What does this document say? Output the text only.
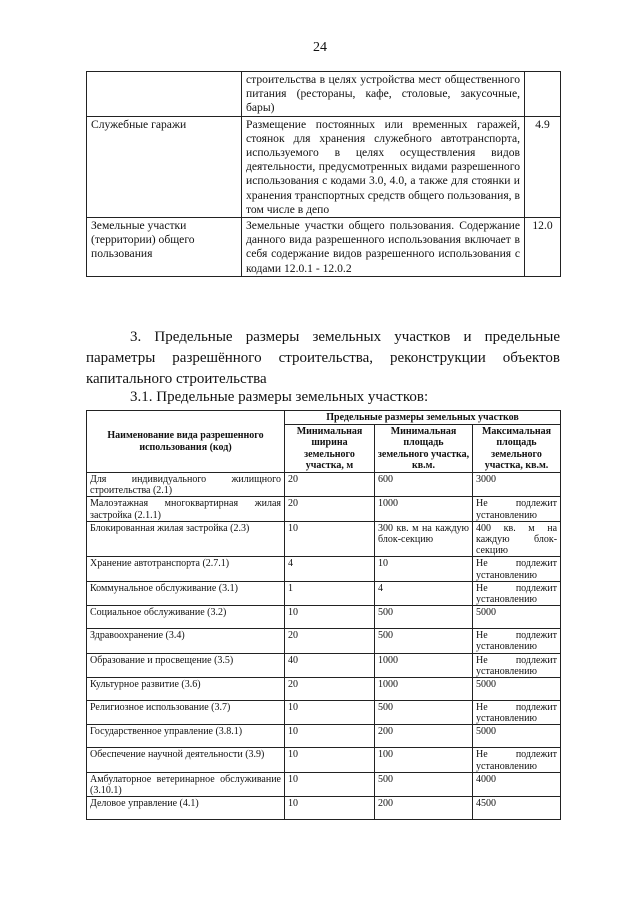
24
	строительства в целях устройства мест общественного питания (рестораны, кафе, столовые, закусочные, бары)	
Служебные гаражи	Размещение постоянных или временных гаражей, стоянок для хранения служебного автотранспорта, используемого в целях осуществления видов деятельности, предусмотренных видами разрешенного использования с кодами 3.0, 4.0, а также для стоянки и хранения транспортных средств общего пользования, в том числе в депо	4.9
Земельные участки (территории) общего пользования	Земельные участки общего пользования. Содержание данного вида разрешенного использования включает в себя содержание видов разрешенного использования с кодами 12.0.1 - 12.0.2	12.0

3. Предельные размеры земельных участков и предельные параметры разрешённого строительства, реконструкции объектов капитального строительства

3.1. Предельные размеры земельных участков:
Наименование вида разрешенного использования (код)	Предельные размеры земельных участков		
	Минимальная ширина земельного участка, м	Минимальная площадь земельного участка, кв.м.	Максимальная площадь земельного участка, кв.м.
Для индивидуального жилищного строительства (2.1)	20	600	3000
Малоэтажная многоквартирная жилая застройка (2.1.1)	20	1000	Не подлежит установлению
Блокированная жилая застройка (2.3)	10	300 кв. м на каждую блок-секцию	400 кв. м на каждую блок-секцию
Хранение автотранспорта (2.7.1)	4	10	Не подлежит установлению
Коммунальное обслуживание (3.1)	1	4	Не подлежит установлению
Социальное обслуживание (3.2)	10	500	5000
Здравоохранение (3.4)	20	500	Не подлежит установлению
Образование и просвещение (3.5)	40	1000	Не подлежит установлению
Культурное развитие (3.6)	20	1000	5000
Религиозное использование (3.7)	10	500	Не подлежит установлению
Государственное управление (3.8.1)	10	200	5000
Обеспечение научной деятельности (3.9)	10	100	Не подлежит установлению
Амбулаторное ветеринарное обслуживание (3.10.1)	10	500	4000
Деловое управление (4.1)	10	200	4500
